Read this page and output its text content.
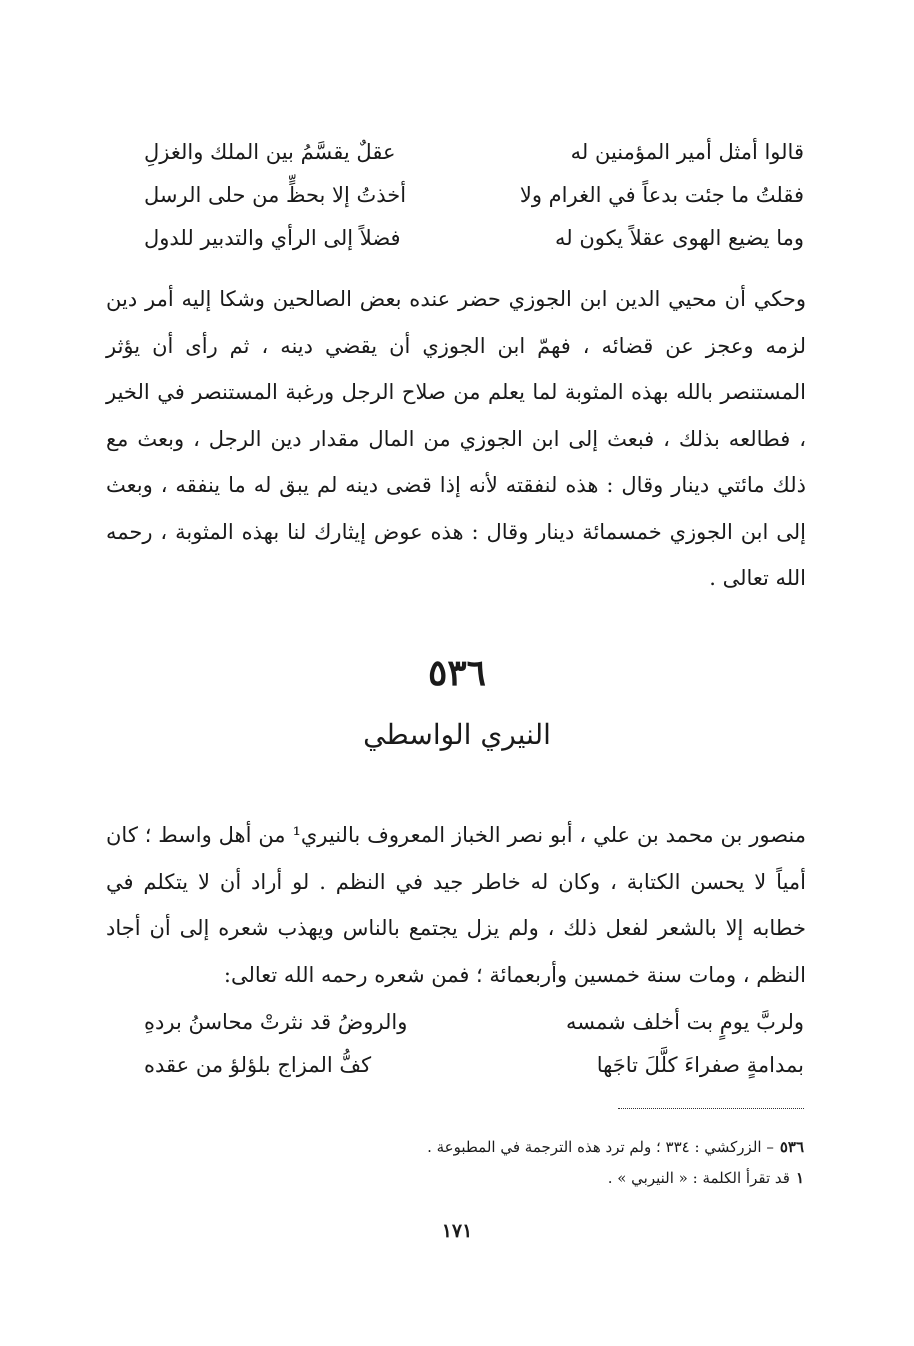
قالوا أمثل أمير المؤمنين له
عقلٌ يقسَّمُ بين الملك والغزلِ
فقلتُ ما جئت بدعاً في الغرام ولا
أخذتُ إلا بحظٍّ من حلى الرسل
وما يضيع الهوى عقلاً يكون له
فضلاً إلى الرأي والتدبير للدول

وحكي أن محيي الدين ابن الجوزي حضر عنده بعض الصالحين وشكا إليه أمر دين لزمه وعجز عن قضائه ، فهمّ ابن الجوزي أن يقضي دينه ، ثم رأى أن يؤثر المستنصر بالله بهذه المثوبة لما يعلم من صلاح الرجل ورغبة المستنصر في الخير ، فطالعه بذلك ، فبعث إلى ابن الجوزي من المال مقدار دين الرجل ، وبعث مع ذلك مائتي دينار وقال : هذه لنفقته لأنه إذا قضى دينه لم يبق له ما ينفقه ، وبعث إلى ابن الجوزي خمسمائة دينار وقال : هذه عوض إيثارك لنا بهذه المثوبة ، رحمه الله تعالى .

٥٣٦
النيري الواسطي

منصور بن محمد بن علي ، أبو نصر الخباز المعروف بالنيري¹ من أهل واسط ؛ كان أمياً لا يحسن الكتابة ، وكان له خاطر جيد في النظم . لو أراد أن لا يتكلم في خطابه إلا بالشعر لفعل ذلك ، ولم يزل يجتمع بالناس ويهذب شعره إلى أن أجاد النظم ، ومات سنة خمسين وأربعمائة ؛ فمن شعره رحمه الله تعالى:

ولربَّ يومٍ بت أخلف شمسه
والروضُ قد نثرتْ محاسنُ بردهِ
بمدامةٍ صفراءَ كلَّلَ تاجَها
كفُّ المزاج بلؤلؤ من عقده

٥٣٦– الزركشي : ٣٣٤ ؛ ولم ترد هذه الترجمة في المطبوعة .

١قد تقرأ الكلمة : « النيربي » .

١٧١
